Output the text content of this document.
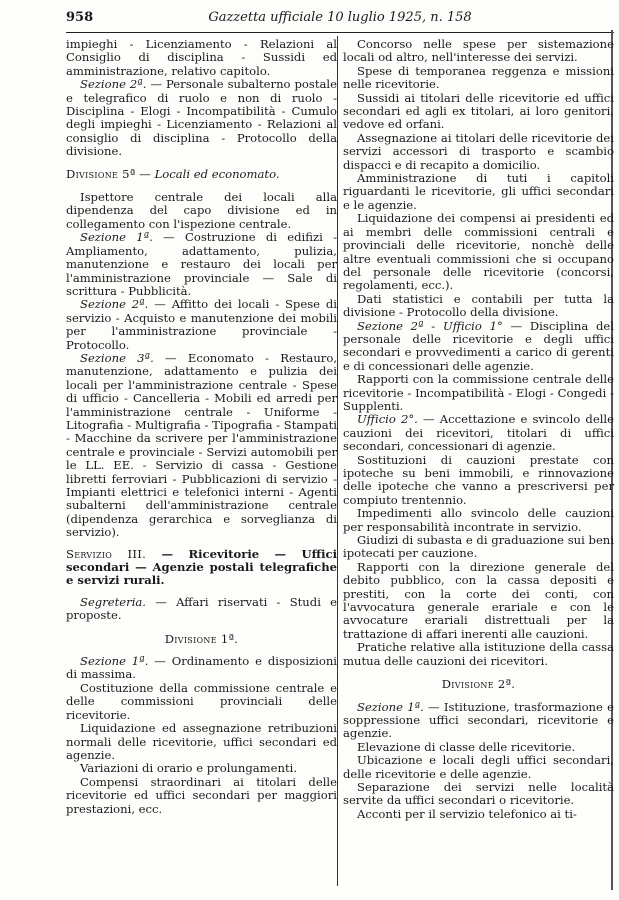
958	Gazzetta ufficiale 10 luglio 1925, n. 158

impieghi - Licenziamento - Relazioni al Consiglio di disciplina - Sussidi ed amministrazione, relativo capitolo.

Sezione 2ª. — Personale subalterno postale e telegrafico di ruolo e non di ruolo - Disciplina - Elogi - Incompatibilità - Cumulo degli impieghi - Licenziamento - Relazioni al consiglio di disciplina - Protocollo della divisione.

Divisione 5ª — Locali ed economato.

Ispettore centrale dei locali alla dipendenza del capo divisione ed in collegamento con l'ispezione centrale.

Sezione 1ª. — Costruzione di edifizi - Ampliamento, adattamento, pulizia, manutenzione e restauro dei locali per l'amministrazione provinciale — Sale di scrittura - Pubblicità.

Sezione 2ª. — Affitto dei locali - Spese di servizio - Acquisto e manutenzione dei mobili per l'amministrazione provinciale - Protocollo.

Sezione 3ª. — Economato - Restauro, manutenzione, adattamento e pulizia dei locali per l'amministrazione centrale - Spese di ufficio - Cancelleria - Mobili ed arredi per l'amministrazione centrale - Uniforme - Litografia - Multigrafia - Tipografia - Stampati - Macchine da scrivere per l'amministrazione centrale e provinciale - Servizi automobili per le LL. EE. - Servizio di cassa - Gestione libretti ferroviari - Pubblicazioni di servizio - Impianti elettrici e telefonici interni - Agenti subalterni dell'amministrazione centrale (dipendenza gerarchica e sorveglianza di servizio).

Servizio III. — Ricevitorie — Uffici secondari — Agenzie postali telegrafiche e servizi rurali.

Segreteria. — Affari riservati - Studi e proposte.

Divisione 1ª.

Sezione 1ª. — Ordinamento e disposizioni di massima.

Costituzione della commissione centrale e delle commissioni provinciali delle ricevitorie.

Liquidazione ed assegnazione retribuzioni normali delle ricevitorie, uffici secondari ed agenzie.

Variazioni di orario e prolungamenti.

Compensi straordinari ai titolari delle ricevitorie ed uffici secondari per maggiori prestazioni, ecc.

Concorso nelle spese per sistemazione locali od altro, nell'interesse dei servizi.

Spese di temporanea reggenza e missioni nelle ricevitorie.

Sussidi ai titolari delle ricevitorie ed uffici secondari ed agli ex titolari, ai loro genitori, vedove ed orfani.

Assegnazione ai titolari delle ricevitorie dei servizi accessori di trasporto e scambio dispacci e di recapito a domicilio.

Amministrazione di tuti i capitoli riguardanti le ricevitorie, gli uffici secondari e le agenzie.

Liquidazione dei compensi ai presidenti ed ai membri delle commissioni centrali e provinciali delle ricevitorie, nonchè delle altre eventuali commissioni che si occupano del personale delle ricevitorie (concorsi, regolamenti, ecc.).

Dati statistici e contabili per tutta la divisione - Protocollo della divisione.

Sezione 2ª - Ufficio 1° — Disciplina del personale delle ricevitorie e degli uffici secondari e provvedimenti a carico di gerenti e di concessionari delle agenzie.

Rapporti con la commissione centrale delle ricevitorie - Incompatibilità - Elogi - Congedi - Supplenti.

Ufficio 2°. — Accettazione e svincolo delle cauzioni dei ricevitori, titolari di uffici secondari, concessionari di agenzie.

Sostituzioni di cauzioni prestate con ipoteche su beni immobili, e rinnovazione delle ipoteche che vanno a prescriversi per compiuto trentennio.

Impedimenti allo svincolo delle cauzioni per responsabilità incontrate in servizio.

Giudizi di subasta e di graduazione sui beni ipotecati per cauzione.

Rapporti con la direzione generale del debito pubblico, con la cassa depositi e prestiti, con la corte dei conti, con l'avvocatura generale erariale e con le avvocature erariali distrettuali per la trattazione di affari inerenti alle cauzioni.

Pratiche relative alla istituzione della cassa mutua delle cauzioni dei ricevitori.

Divisione 2ª.

Sezione 1ª. — Istituzione, trasformazione e soppressione uffici secondari, ricevitorie e agenzie.

Elevazione di classe delle ricevitorie.

Ubicazione e locali degli uffici secondari, delle ricevitorie e delle agenzie.

Separazione dei servizi nelle località servite da uffici secondari o ricevitorie.

Acconti per il servizio telefonico ai ti-
